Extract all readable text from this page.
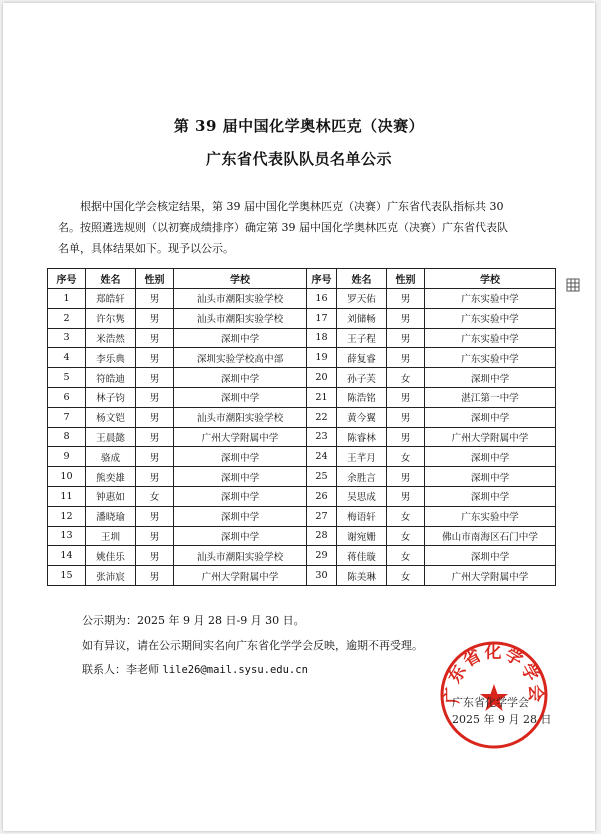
第 39 届中国化学奥林匹克（决赛）
广东省代表队队员名单公示
根据中国化学会核定结果，第 39 届中国化学奥林匹克（决赛）广东省代表队指标共 30
名。按照遴选规则（以初赛成绩排序）确定第 39 届中国化学奥林匹克（决赛）广东省代表队
名单，具体结果如下。现予以公示。
序号	姓名	性别	学校	序号	姓名	性别	学校
1	郑皓轩	男	汕头市潮阳实验学校	16	罗天佑	男	广东实验中学
2	许尔隽	男	汕头市潮阳实验学校	17	刘储畅	男	广东实验中学
3	米浩然	男	深圳中学	18	王子程	男	广东实验中学
4	李乐典	男	深圳实验学校高中部	19	薛复睿	男	广东实验中学
5	符皓迪	男	深圳中学	20	孙子芙	女	深圳中学
6	林子钧	男	深圳中学	21	陈浩铭	男	湛江第一中学
7	杨文铠	男	汕头市潮阳实验学校	22	黄今翼	男	深圳中学
8	王晨懿	男	广州大学附属中学	23	陈睿林	男	广州大学附属中学
9	骆成	男	深圳中学	24	王芊月	女	深圳中学
10	熊奕雄	男	深圳中学	25	余胜言	男	深圳中学
11	钟惠如	女	深圳中学	26	吴思成	男	深圳中学
12	潘晓瑜	男	深圳中学	27	梅语轩	女	广东实验中学
13	王圳	男	深圳中学	28	谢宛姗	女	佛山市南海区石门中学
14	姚佳乐	男	汕头市潮阳实验学校	29	蒋佳璇	女	深圳中学
15	张沛宸	男	广州大学附属中学	30	陈美琳	女	广州大学附属中学
公示期为：2025 年 9 月 28 日-9 月 30 日。
如有异议，请在公示期间实名向广东省化学学会反映，逾期不再受理。
联系人：李老师 lile26@mail.sysu.edu.cn
广东省化学学会
广东省化学学会
2025 年 9 月 28 日
